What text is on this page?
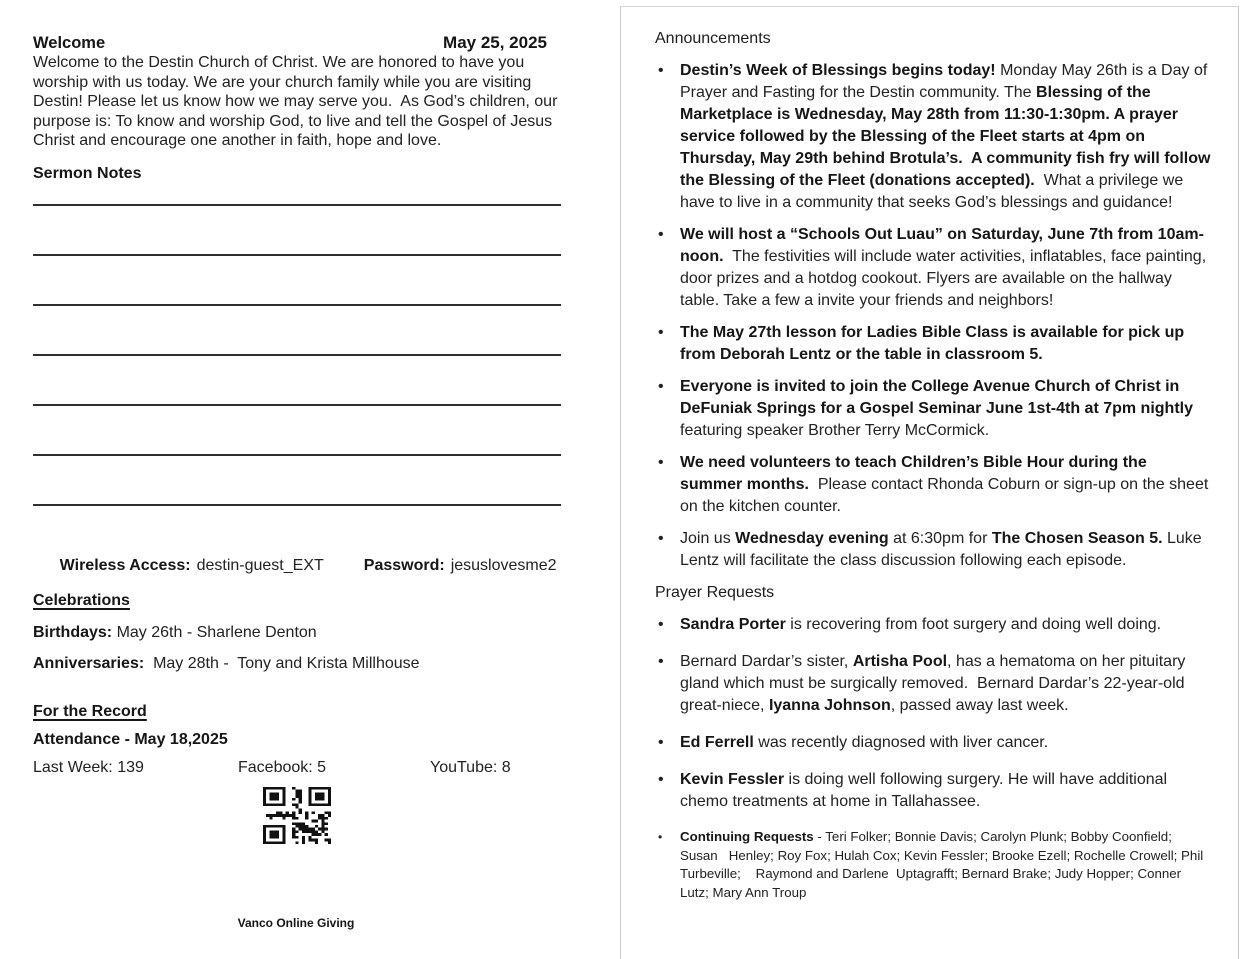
Welcome	May 25, 2025

Welcome to the Destin Church of Christ. We are honored to have you worship with us today. We are your church family while you are visiting Destin! Please let us know how we may serve you.  As God’s children, our purpose is: To know and worship God, to live and tell the Gospel of Jesus Christ and encourage one another in faith, hope and love.

Sermon Notes

Wireless Access: destin-guest_EXT	Password: jesuslovesme2

Celebrations
Birthdays: May 26th - Sharlene Denton
Anniversaries: May 28th -  Tony and Krista Millhouse
For the Record
Attendance - May 18,2025
Last Week: 139	Facebook: 5	YouTube: 8
Vanco Online Giving
Announcements
•	Destin’s Week of Blessings begins today! Monday May 26th is a Day of Prayer and Fasting for the Destin community. The Blessing of the Marketplace is Wednesday, May 28th from 11:30-1:30pm. A prayer service followed by the Blessing of the Fleet starts at 4pm on Thursday, May 29th behind Brotula’s.  A community fish fry will follow the Blessing of the Fleet (donations accepted).  What a privilege we have to live in a community that seeks God’s blessings and guidance!
•	We will host a “Schools Out Luau” on Saturday, June 7th from 10am-noon.  The festivities will include water activities, inflatables, face painting, door prizes and a hotdog cookout. Flyers are available on the hallway table. Take a few a invite your friends and neighbors!
•	The May 27th lesson for Ladies Bible Class is available for pick up from Deborah Lentz or the table in classroom 5.
•	Everyone is invited to join the College Avenue Church of Christ in DeFuniak Springs for a Gospel Seminar June 1st-4th at 7pm nightly featuring speaker Brother Terry McCormick.
•	We need volunteers to teach Children’s Bible Hour during the summer months.  Please contact Rhonda Coburn or sign-up on the sheet on the kitchen counter.
•	Join us Wednesday evening at 6:30pm for The Chosen Season 5. Luke Lentz will facilitate the class discussion following each episode.
Prayer Requests
•	Sandra Porter is recovering from foot surgery and doing well doing.
•	Bernard Dardar’s sister, Artisha Pool, has a hematoma on her pituitary gland which must be surgically removed.  Bernard Dardar’s 22-year-old great-niece, Iyanna Johnson, passed away last week.
•	Ed Ferrell was recently diagnosed with liver cancer.
•	Kevin Fessler is doing well following surgery. He will have additional chemo treatments at home in Tallahassee.
•	Continuing Requests - Teri Folker; Bonnie Davis; Carolyn Plunk; Bobby Coonfield; Susan   Henley; Roy Fox; Hulah Cox; Kevin Fessler; Brooke Ezell; Rochelle Crowell; Phil Turbeville;    Raymond and Darlene  Uptagrafft; Bernard Brake; Judy Hopper; Conner Lutz; Mary Ann Troup
